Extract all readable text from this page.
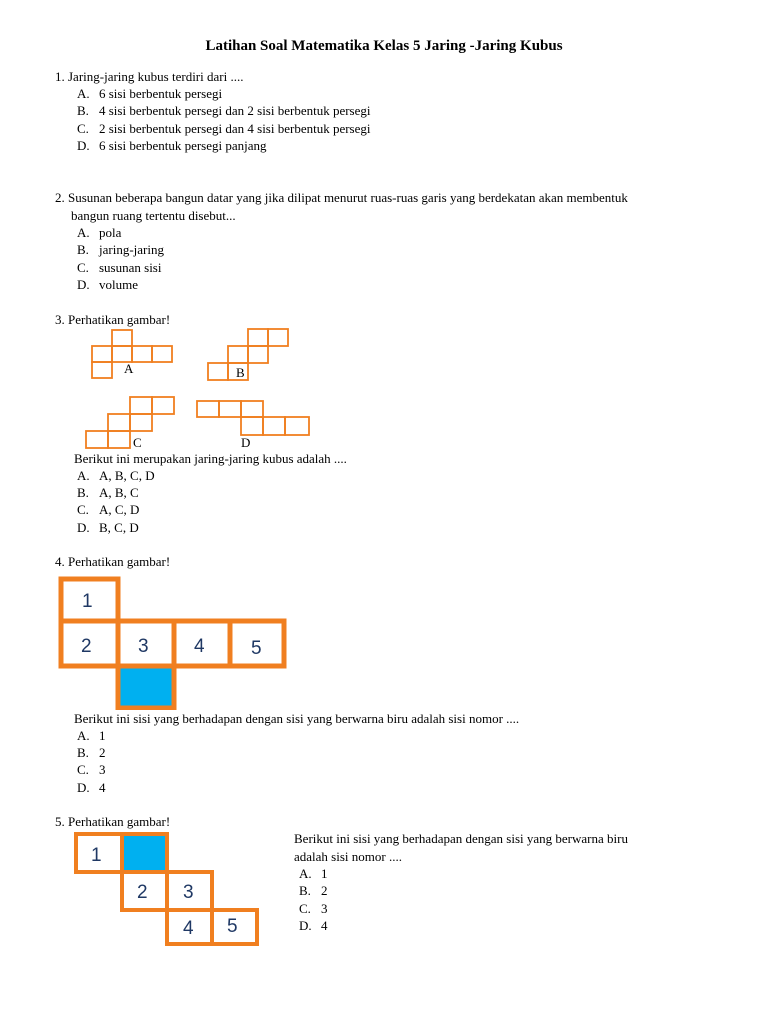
Latihan Soal Matematika Kelas 5 Jaring -Jaring Kubus
1. Jaring-jaring kubus terdiri dari ....
A. 6 sisi berbentuk persegi
B. 4 sisi berbentuk persegi dan 2 sisi berbentuk persegi
C. 2 sisi berbentuk persegi dan 4 sisi berbentuk persegi
D. 6 sisi berbentuk persegi panjang
2. Susunan beberapa bangun datar yang jika dilipat menurut ruas-ruas garis yang berdekatan akan membentuk
bangun ruang tertentu disebut...
A. pola
B. jaring-jaring
C. susunan sisi
D. volume
3. Perhatikan gambar!
A	B
C	D
Berikut ini merupakan jaring-jaring kubus adalah ....
A. A, B, C, D
B. A, B, C
C. A, C, D
D. B, C, D
4. Perhatikan gambar!
1
2 3 4 5
Berikut ini sisi yang berhadapan dengan sisi yang berwarna biru adalah sisi nomor ....
A. 1
B. 2
C. 3
D. 4
5. Perhatikan gambar!
1
2 3
4 5
Berikut ini sisi yang berhadapan dengan sisi yang berwarna biru
adalah sisi nomor ....
A. 1
B. 2
C. 3
D. 4
